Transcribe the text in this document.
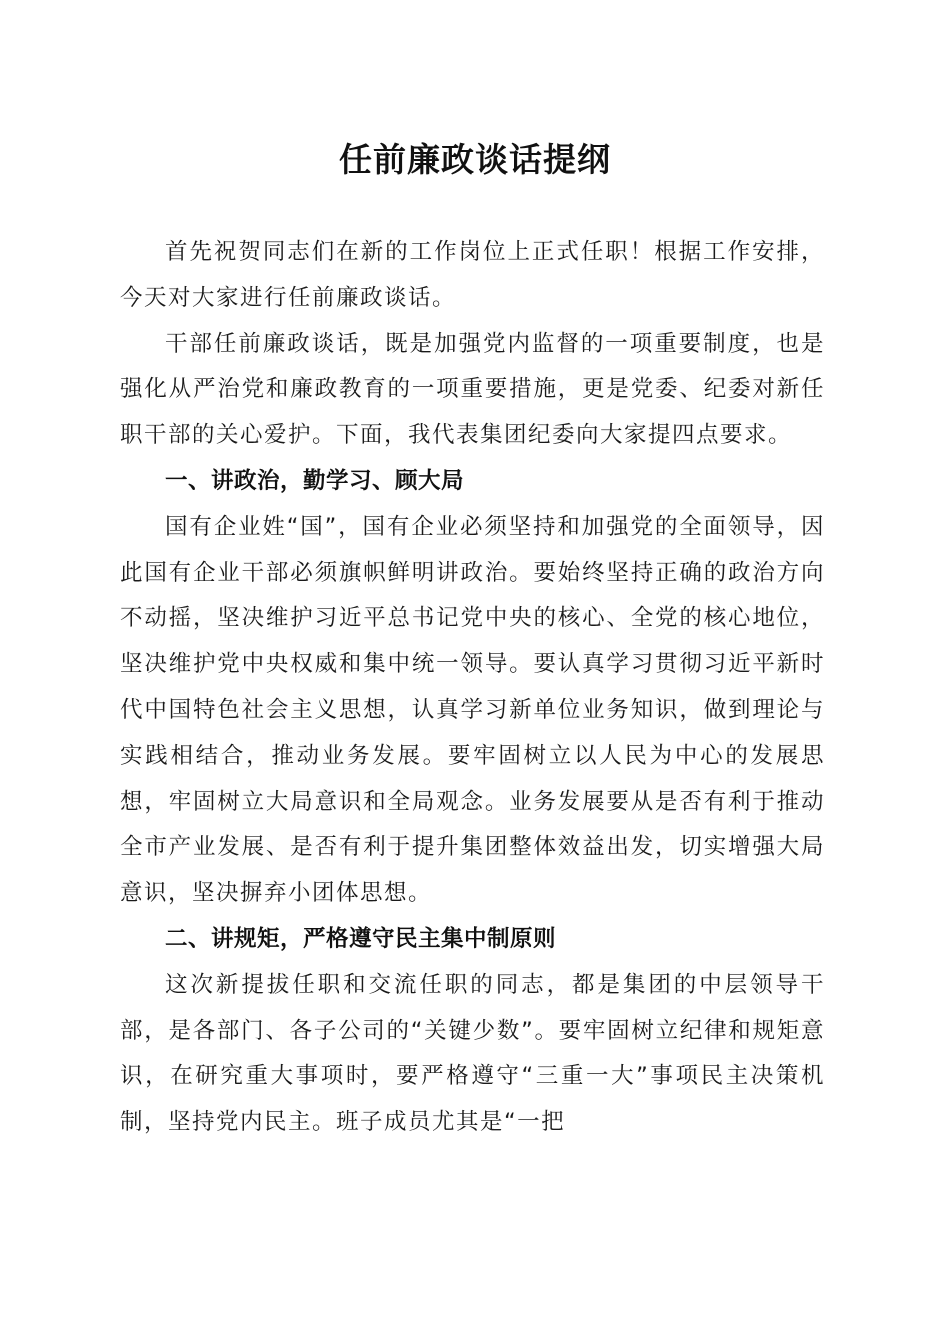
任前廉政谈话提纲

首先祝贺同志们在新的工作岗位上正式任职！根据工作安排，今天对大家进行任前廉政谈话。

干部任前廉政谈话，既是加强党内监督的一项重要制度，也是强化从严治党和廉政教育的一项重要措施，更是党委、纪委对新任职干部的关心爱护。下面，我代表集团纪委向大家提四点要求。

一、讲政治，勤学习、顾大局

国有企业姓“国”，国有企业必须坚持和加强党的全面领导，因此国有企业干部必须旗帜鲜明讲政治。要始终坚持正确的政治方向不动摇，坚决维护习近平总书记党中央的核心、全党的核心地位，坚决维护党中央权威和集中统一领导。要认真学习贯彻习近平新时代中国特色社会主义思想，认真学习新单位业务知识，做到理论与实践相结合，推动业务发展。要牢固树立以人民为中心的发展思想，牢固树立大局意识和全局观念。业务发展要从是否有利于推动全市产业发展、是否有利于提升集团整体效益出发，切实增强大局意识，坚决摒弃小团体思想。

二、讲规矩，严格遵守民主集中制原则

这次新提拔任职和交流任职的同志，都是集团的中层领导干部，是各部门、各子公司的“关键少数”。要牢固树立纪律和规矩意识，在研究重大事项时，要严格遵守“三重一大”事项民主决策机制，坚持党内民主。班子成员尤其是“一把
